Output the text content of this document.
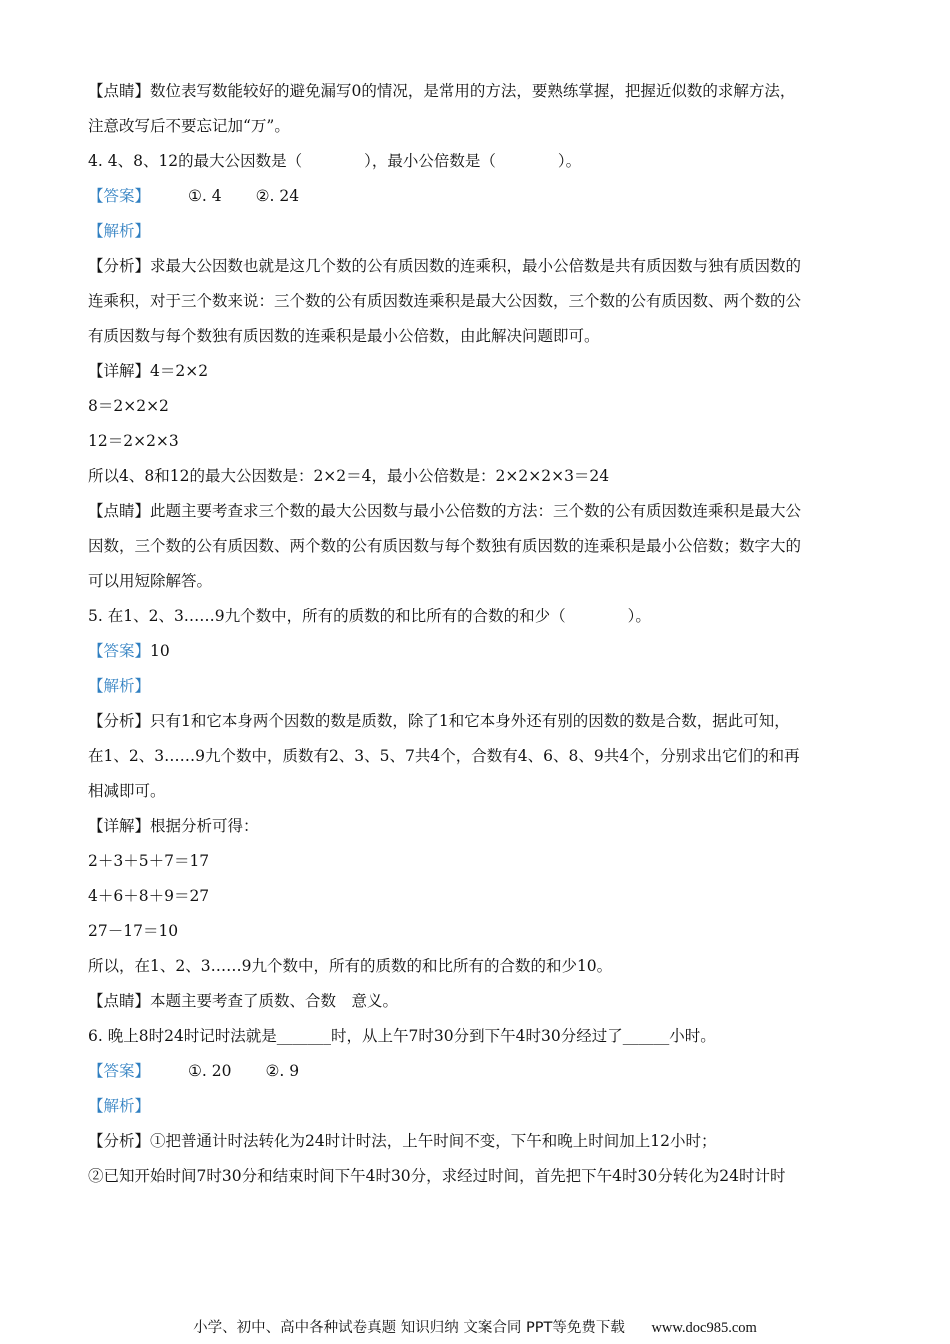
【点睛】数位表写数能较好的避免漏写0的情况，是常用的方法，要熟练掌握，把握近似数的求解方法，
注意改写后不要忘记加“万”。
4. 4、8、12的最大公因数是（　　　　），最小公倍数是（　　　　）。
【答案】 ①. 4 ②. 24
【解析】
【分析】求最大公因数也就是这几个数的公有质因数的连乘积，最小公倍数是共有质因数与独有质因数的
连乘积，对于三个数来说：三个数的公有质因数连乘积是最大公因数，三个数的公有质因数、两个数的公
有质因数与每个数独有质因数的连乘积是最小公倍数，由此解决问题即可。
【详解】4＝2×2
8＝2×2×2
12＝2×2×3
所以4、8和12的最大公因数是：2×2＝4，最小公倍数是：2×2×2×3＝24
【点睛】此题主要考查求三个数的最大公因数与最小公倍数的方法：三个数的公有质因数连乘积是最大公
因数，三个数的公有质因数、两个数的公有质因数与每个数独有质因数的连乘积是最小公倍数；数字大的
可以用短除解答。
5. 在1、2、3……9九个数中，所有的质数的和比所有的合数的和少（　　　　）。
【答案】10
【解析】
【分析】只有1和它本身两个因数的数是质数，除了1和它本身外还有别的因数的数是合数，据此可知，
在1、2、3……9九个数中，质数有2、3、5、7共4个，合数有4、6、8、9共4个，分别求出它们的和再
相减即可。
【详解】根据分析可得：
2＋3＋5＋7＝17
4＋6＋8＋9＝27
27－17＝10
所以，在1、2、3……9九个数中，所有的质数的和比所有的合数的和少10。
【点睛】本题主要考查了质数、合数　意义。
6. 晚上8时24时记时法就是_______时，从上午7时30分到下午4时30分经过了______小时。
【答案】 ①. 20 ②. 9
【解析】
【分析】①把普通计时法转化为24时计时法，上午时间不变，下午和晚上时间加上12小时；
②已知开始时间7时30分和结束时间下午4时30分，求经过时间，首先把下午4时30分转化为24时计时
小学、初中、高中各种试卷真题 知识归纳 文案合同 PPT等免费下载 www.doc985.com
